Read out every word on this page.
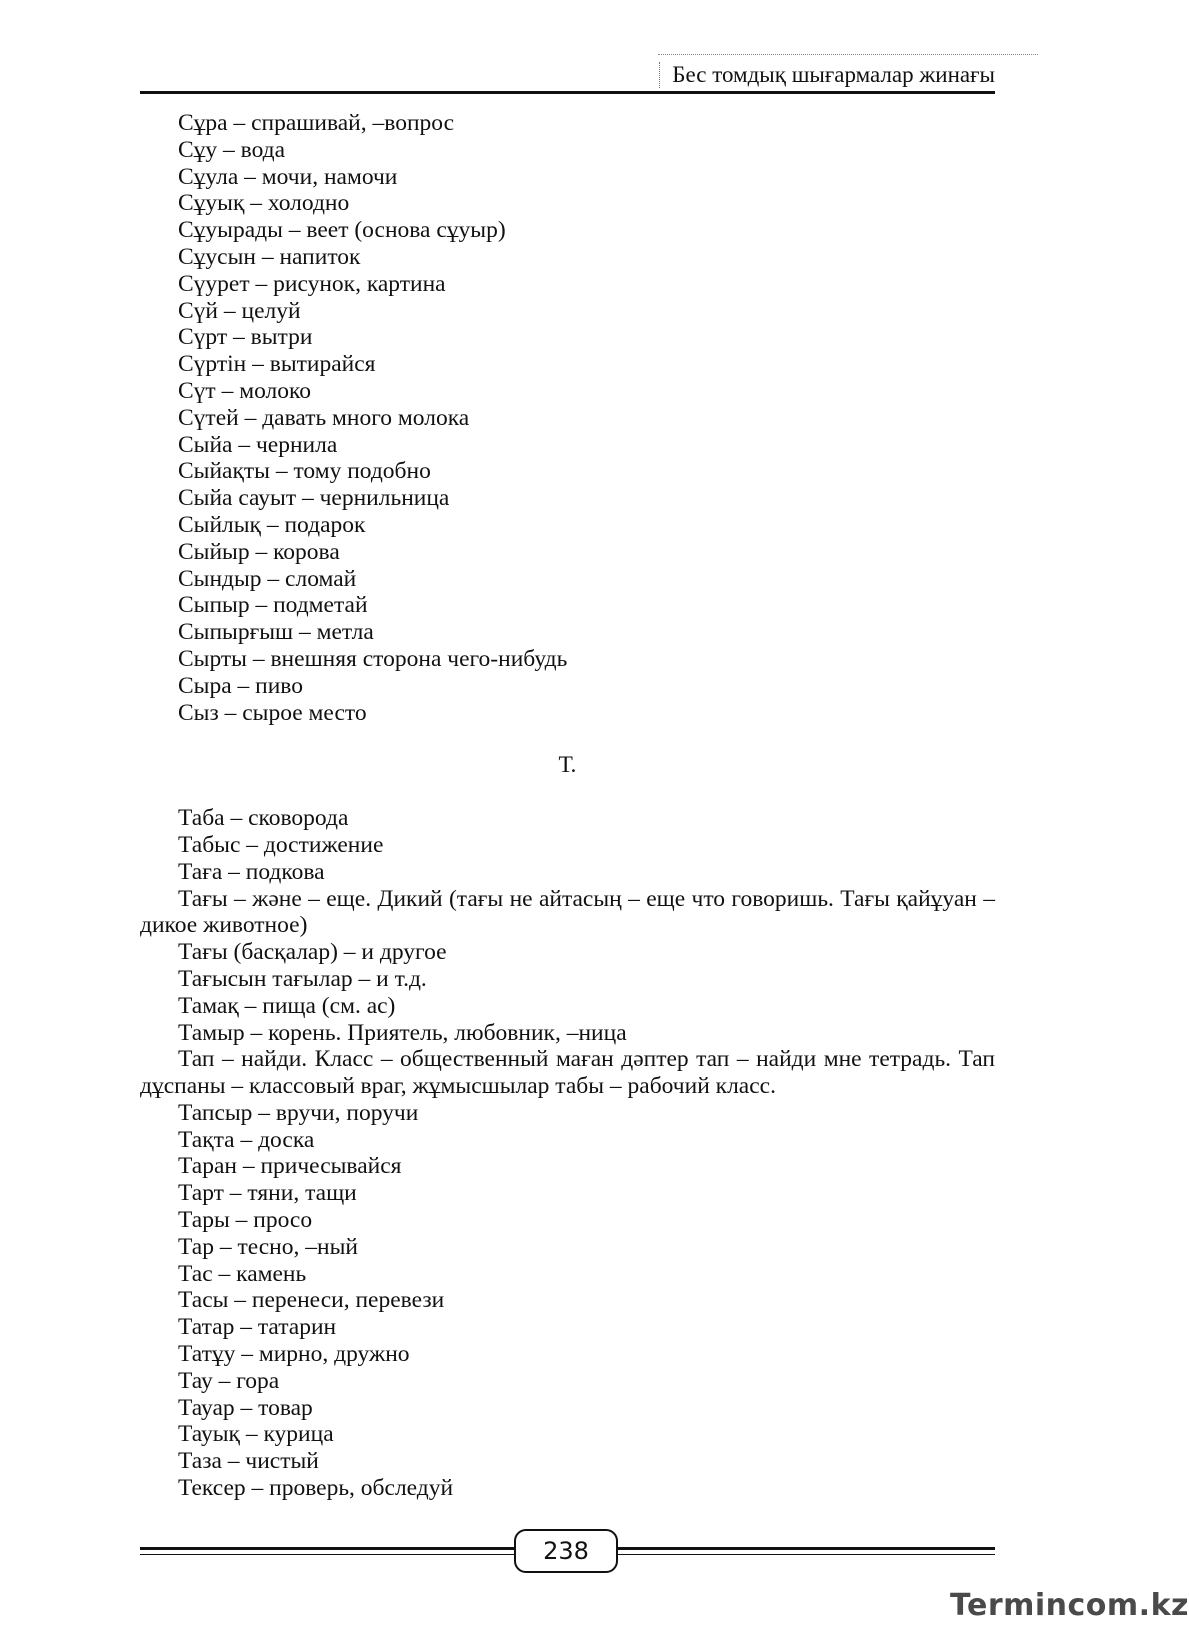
Бес томдық шығармалар жинағы

Сұра – спрашивай, –вопрос

Сұу – вода

Сұула – мочи, намочи

Сұуық – холодно

Сұуырады – веет (основа сұуыр)

Сұусын – напиток

Сүурет – рисунок, картина

Сүй – целуй

Сүрт – вытри

Сүртін – вытирайся

Сүт – молоко

Сүтей – давать много молока

Сыйа – чернила

Сыйақты – тому подобно

Сыйа сауыт – чернильница

Сыйлық – подарок

Сыйыр – корова

Сындыр – сломай

Сыпыр – подметай

Сыпырғыш – метла

Сырты – внешняя сторона чего-нибудь

Сыра – пиво

Сыз – сырое место

Т.

Таба – сковорода

Табыс – достижение

Тағa – подкова

Тағы – және – еще. Дикий (тағы не айтасың – еще что говоришь. Тағы қайұуан – дикое животное)

Тағы (басқалар) – и другое

Тағысын тағылар – и т.д.

Тамақ – пища (см. ас)

Тамыр – корень. Приятель, любовник, –ница

Тап – найди. Класс – общественный маған дәптер тап – найди мне тетрадь. Тап дұспаны – классовый враг, жұмысшылар табы – рабочий класс.

Тапсыр – вручи, поручи

Тақта – доска

Таран – причесывайся

Тарт – тяни, тащи

Тары – просо

Тар – тесно, –ный

Тас – камень

Тасы – перенеси, перевези

Татар – татарин

Татұу – мирно, дружно

Тау – гора

Тауар – товар

Тауық – курица

Таза – чистый

Тексер – проверь, обследуй

238
Termincom.kz
